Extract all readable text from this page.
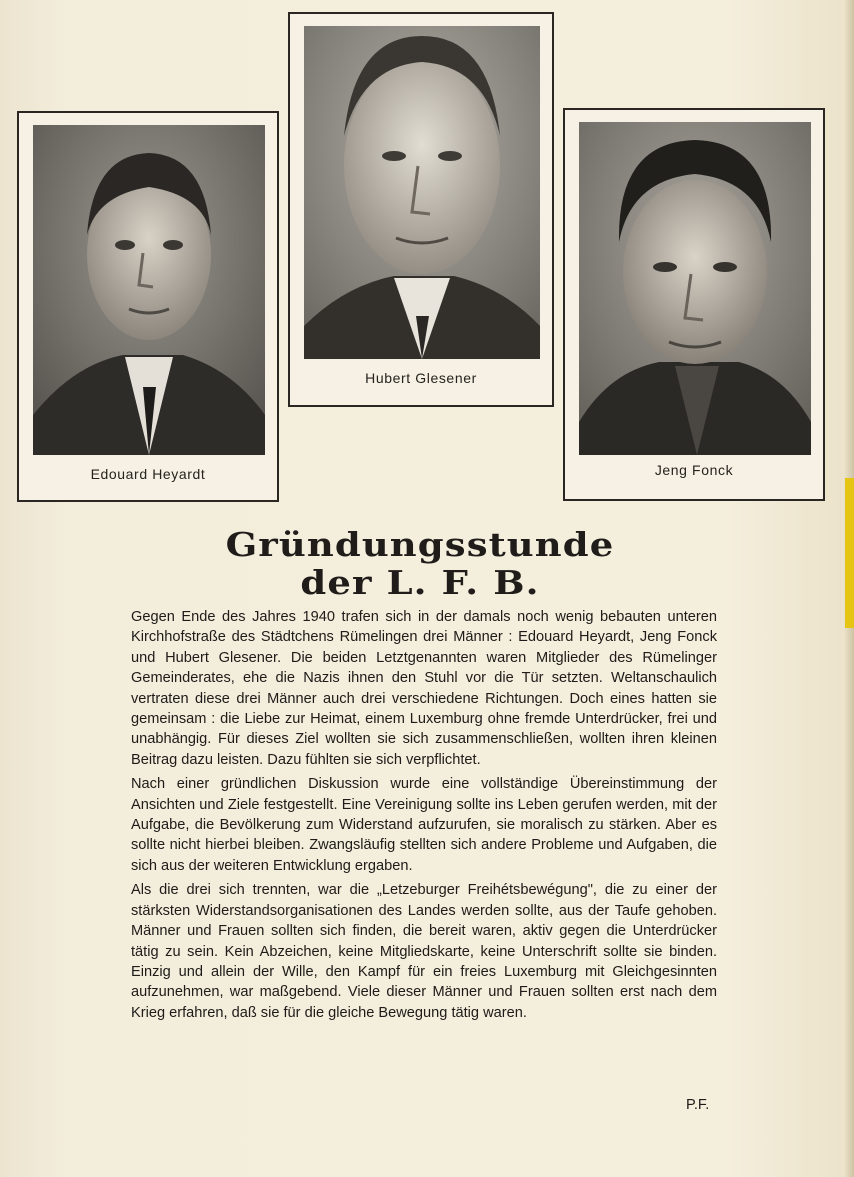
Edouard Heyardt
Hubert Glesener
Jeng Fonck
Gründungsstunde
der L. F. B.

Gegen Ende des Jahres 1940 trafen sich in der damals noch wenig bebauten unteren Kirchhofstraße des Städtchens Rümelingen drei Männer : Edouard Heyardt, Jeng Fonck und Hubert Glesener. Die beiden Letztgenannten waren Mitglieder des Rümelinger Gemeinderates, ehe die Nazis ihnen den Stuhl vor die Tür setzten. Weltanschaulich vertraten diese drei Männer auch drei verschiedene Richtungen. Doch eines hatten sie gemeinsam : die Liebe zur Heimat, einem Luxemburg ohne fremde Unterdrücker, frei und unabhängig. Für dieses Ziel wollten sie sich zusammenschließen, wollten ihren kleinen Beitrag dazu leisten. Dazu fühlten sie sich verpflichtet.

Nach einer gründlichen Diskussion wurde eine vollständige Übereinstimmung der Ansichten und Ziele festgestellt. Eine Vereinigung sollte ins Leben gerufen werden, mit der Aufgabe, die Bevölkerung zum Widerstand aufzurufen, sie moralisch zu stärken. Aber es sollte nicht hierbei bleiben. Zwangsläufig stellten sich andere Probleme und Aufgaben, die sich aus der weiteren Entwicklung ergaben.

Als die drei sich trennten, war die „Letzeburger Freihétsbewégung", die zu einer der stärksten Widerstandsorganisationen des Landes werden sollte, aus der Taufe gehoben. Männer und Frauen sollten sich finden, die bereit waren, aktiv gegen die Unterdrücker tätig zu sein. Kein Abzeichen, keine Mitgliedskarte, keine Unterschrift sollte sie binden. Einzig und allein der Wille, den Kampf für ein freies Luxemburg mit Gleichgesinnten aufzunehmen, war maßgebend. Viele dieser Männer und Frauen sollten erst nach dem Krieg erfahren, daß sie für die gleiche Bewegung tätig waren.

P.F.
